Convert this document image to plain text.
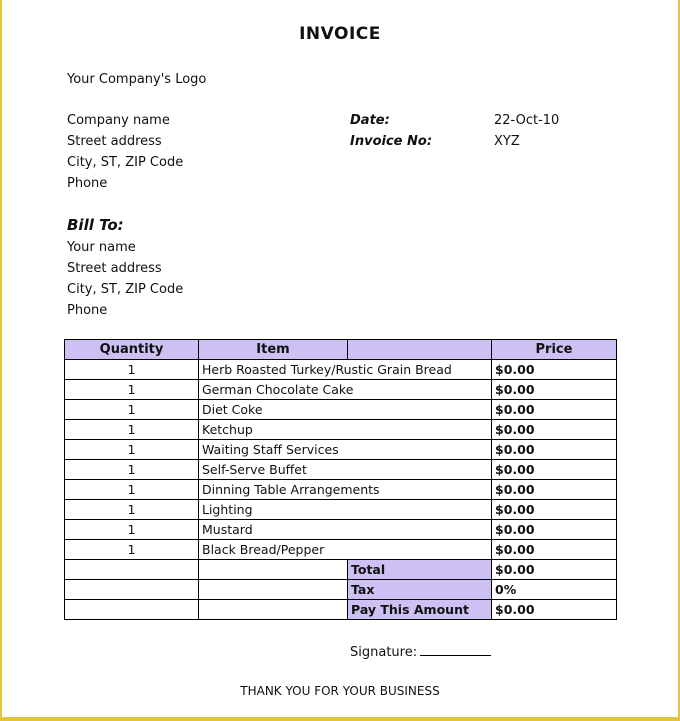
INVOICE
Your Company's Logo
Company name
Street address
City, ST, ZIP Code
Phone
Date:	22-Oct-10
Invoice No:	XYZ
Bill To:
Your name
Street address
City, ST, ZIP Code
Phone
Quantity	Item		Price
1	Herb Roasted Turkey/Rustic Grain Bread		$0.00
1	German Chocolate Cake		$0.00
1	Diet Coke		$0.00
1	Ketchup		$0.00
1	Waiting Staff Services		$0.00
1	Self-Serve Buffet		$0.00
1	Dinning Table Arrangements		$0.00
1	Lighting		$0.00
1	Mustard		$0.00
1	Black Bread/Pepper		$0.00
		Total	$0.00
		Tax	0%
		Pay This Amount	$0.00
Signature:
THANK YOU FOR YOUR BUSINESS
